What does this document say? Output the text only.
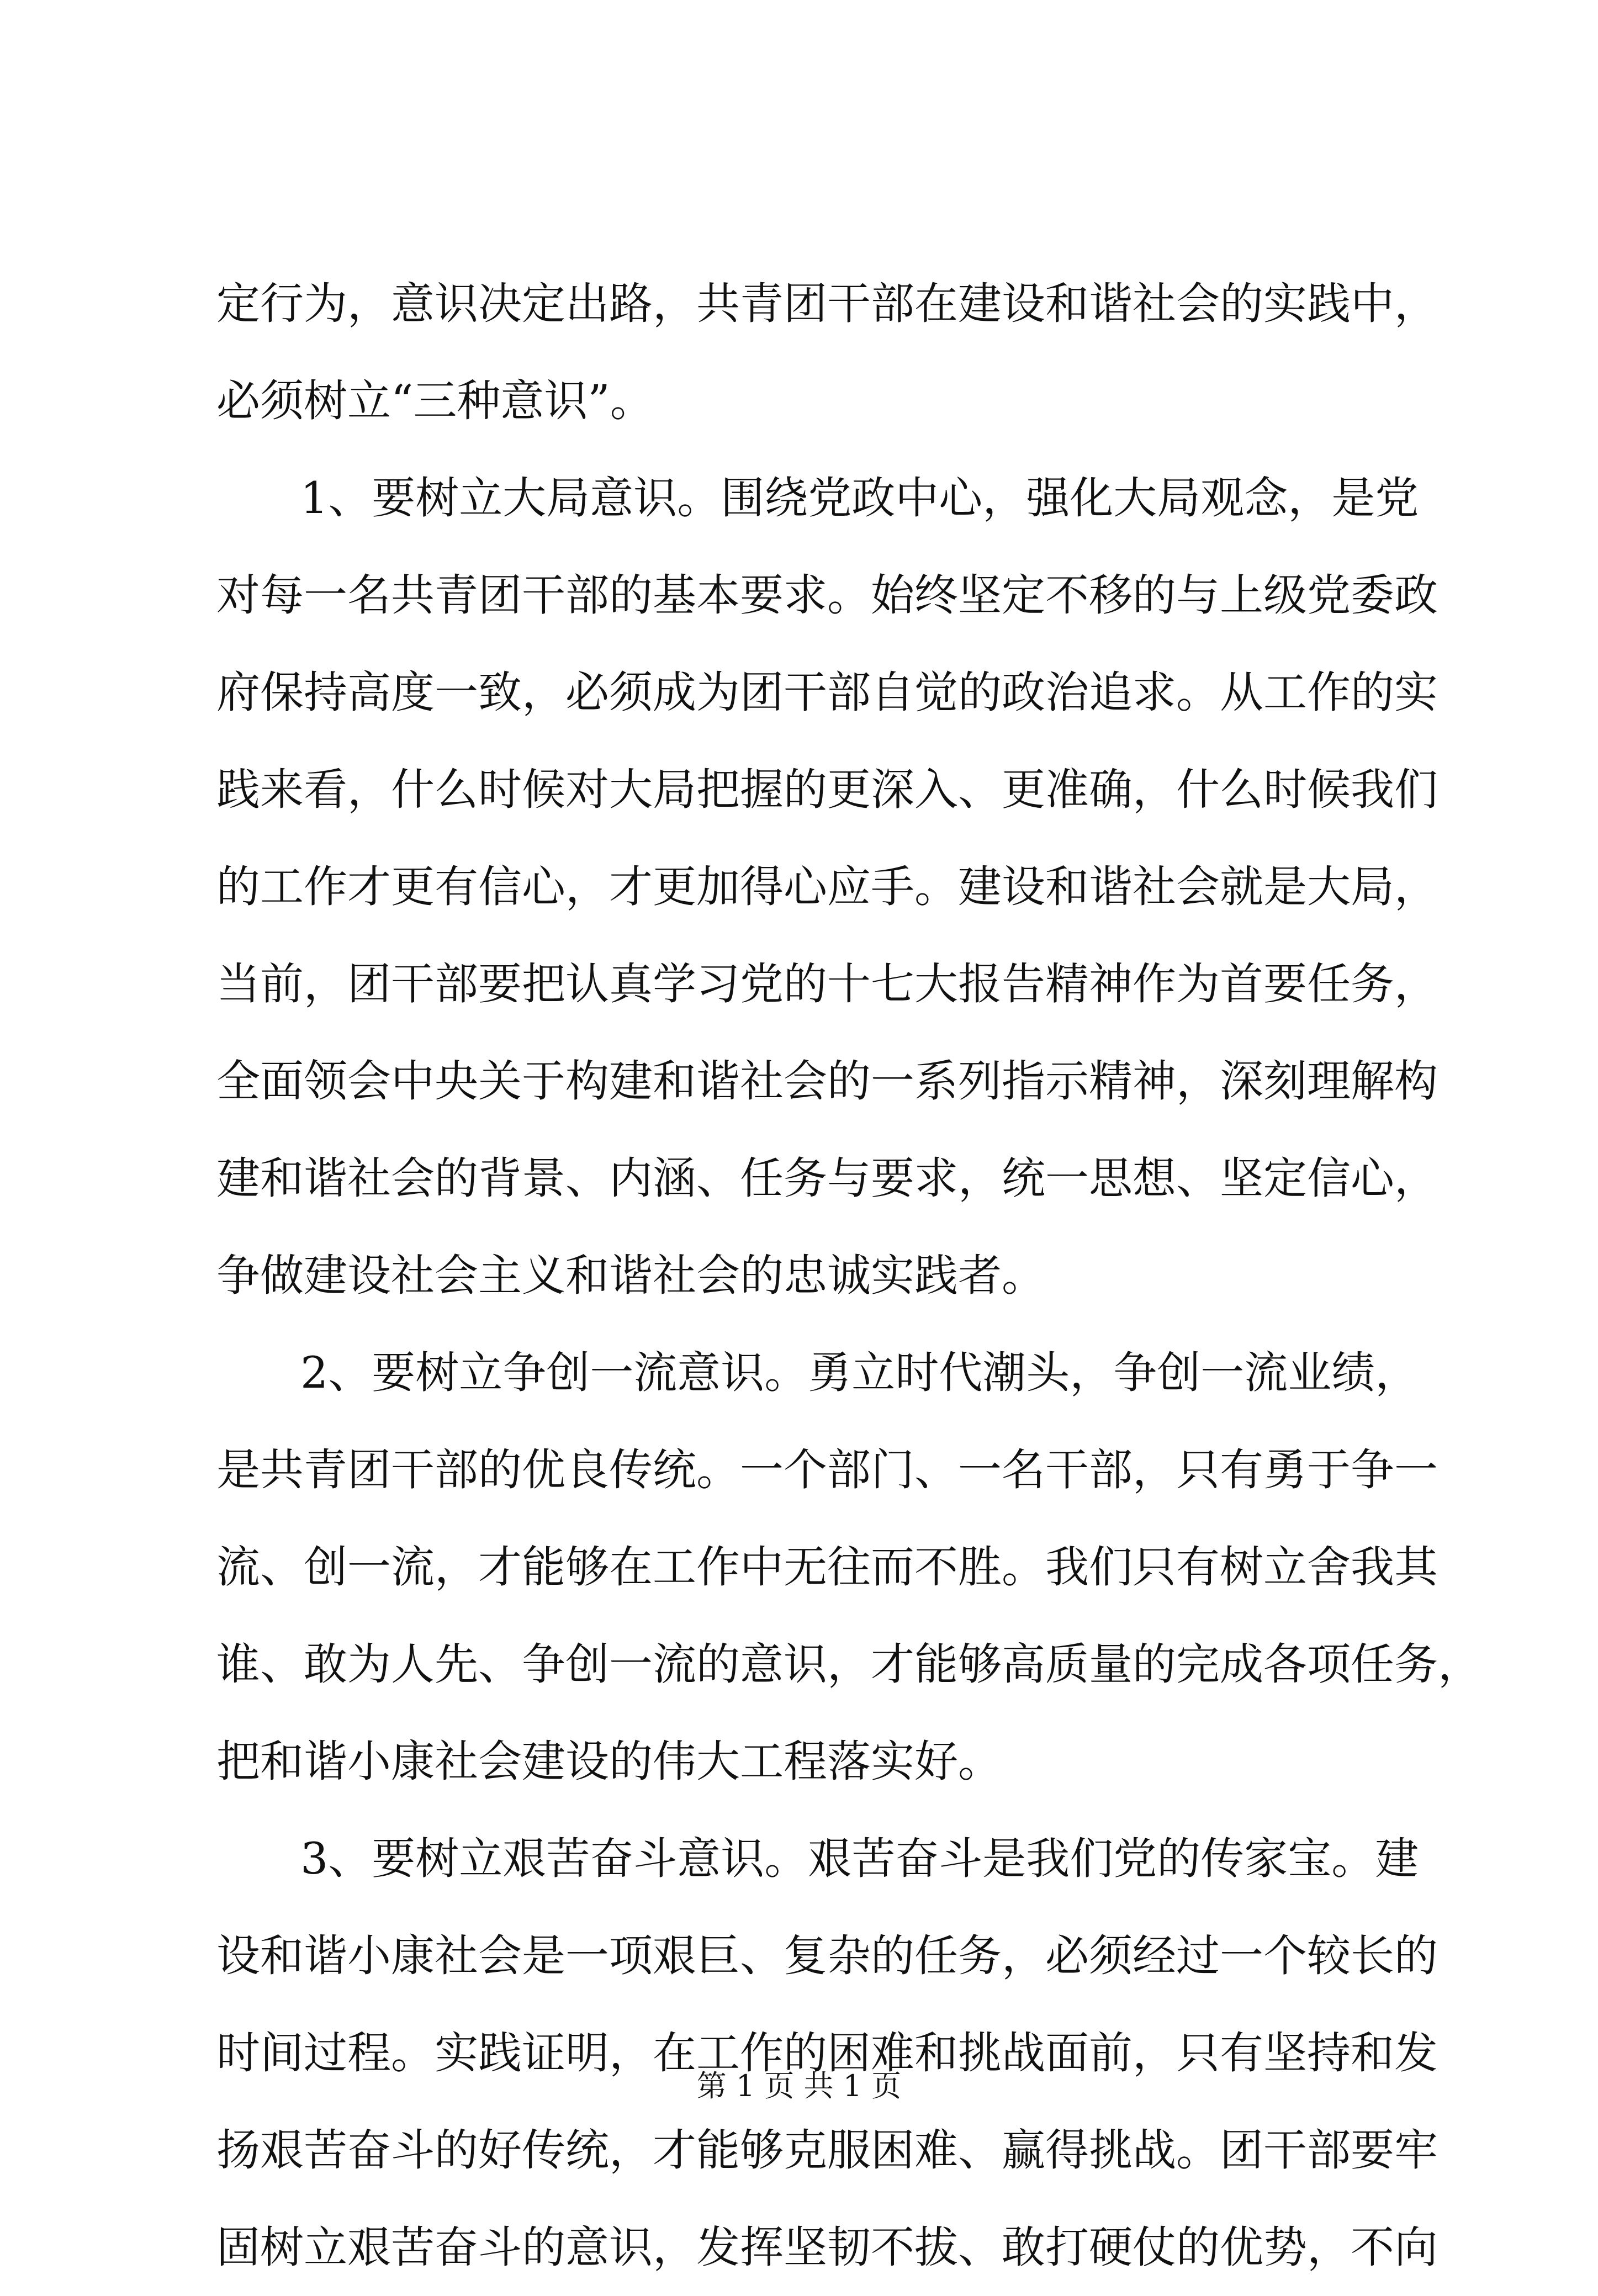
定行为，意识决定出路，共青团干部在建设和谐社会的实践中，
必须树立“三种意识”。
1、要树立大局意识。围绕党政中心，强化大局观念，是党
对每一名共青团干部的基本要求。始终坚定不移的与上级党委政
府保持高度一致，必须成为团干部自觉的政治追求。从工作的实
践来看，什么时候对大局把握的更深入、更准确，什么时候我们
的工作才更有信心，才更加得心应手。建设和谐社会就是大局，
当前，团干部要把认真学习党的十七大报告精神作为首要任务，
全面领会中央关于构建和谐社会的一系列指示精神，深刻理解构
建和谐社会的背景、内涵、任务与要求，统一思想、坚定信心，
争做建设社会主义和谐社会的忠诚实践者。
2、要树立争创一流意识。勇立时代潮头，争创一流业绩，
是共青团干部的优良传统。一个部门、一名干部，只有勇于争一
流、创一流，才能够在工作中无往而不胜。我们只有树立舍我其
谁、敢为人先、争创一流的意识，才能够高质量的完成各项任务，
把和谐小康社会建设的伟大工程落实好。
3、要树立艰苦奋斗意识。艰苦奋斗是我们党的传家宝。建
设和谐小康社会是一项艰巨、复杂的任务，必须经过一个较长的
时间过程。实践证明，在工作的困难和挑战面前，只有坚持和发
扬艰苦奋斗的好传统，才能够克服困难、赢得挑战。团干部要牢
固树立艰苦奋斗的意识，发挥坚韧不拔、敢打硬仗的优势，不向
第 1 页 共 1 页
